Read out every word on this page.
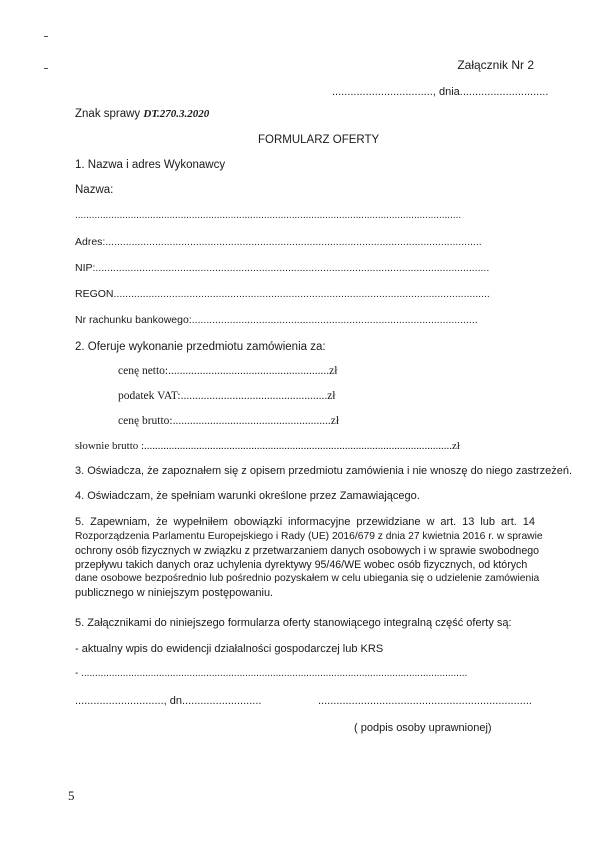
Załącznik Nr 2
................................., dnia.............................
Znak sprawy DT.270.3.2020
FORMULARZ OFERTY
1. Nazwa i adres Wykonawcy
Nazwa:
...........................................................................................................................................
Adres:.................................................................................................................................
NIP:.......................................................................................................................................
REGON.................................................................................................................................
Nr rachunku bankowego:..................................................................................................
2. Oferuje wykonanie przedmiotu zamówienia za:
cenę netto:........................................................zł
podatek VAT:...................................................zł
cenę brutto:.......................................................zł
słownie brutto :................................................................................................................zł
3. Oświadcza, że zapoznałem się z opisem przedmiotu zamówienia i nie wnoszę do niego zastrzeżeń.
4. Oświadczam, że spełniam warunki określone przez Zamawiającego.
5. Zapewniam, że wypełniłem obowiązki informacyjne przewidziane w art. 13 lub art. 14
Rozporządzenia Parlamentu Europejskiego i Rady (UE) 2016/679 z dnia 27 kwietnia 2016 r. w sprawie
ochrony osób fizycznych w związku z przetwarzaniem danych osobowych i w sprawie swobodnego
przepływu takich danych oraz uchylenia dyrektywy 95/46/WE wobec osób fizycznych, od których
dane osobowe bezpośrednio lub pośrednio pozyskałem w celu ubiegania się o udzielenie zamówienia
publicznego w niniejszym postępowaniu.
5. Załącznikami do niniejszego formularza oferty stanowiącego integralną część oferty są:
- aktualny wpis do ewidencji działalności gospodarczej lub KRS
- ...........................................................................................................................................
............................., dn..........................	......................................................................
( podpis osoby uprawnionej)
5
